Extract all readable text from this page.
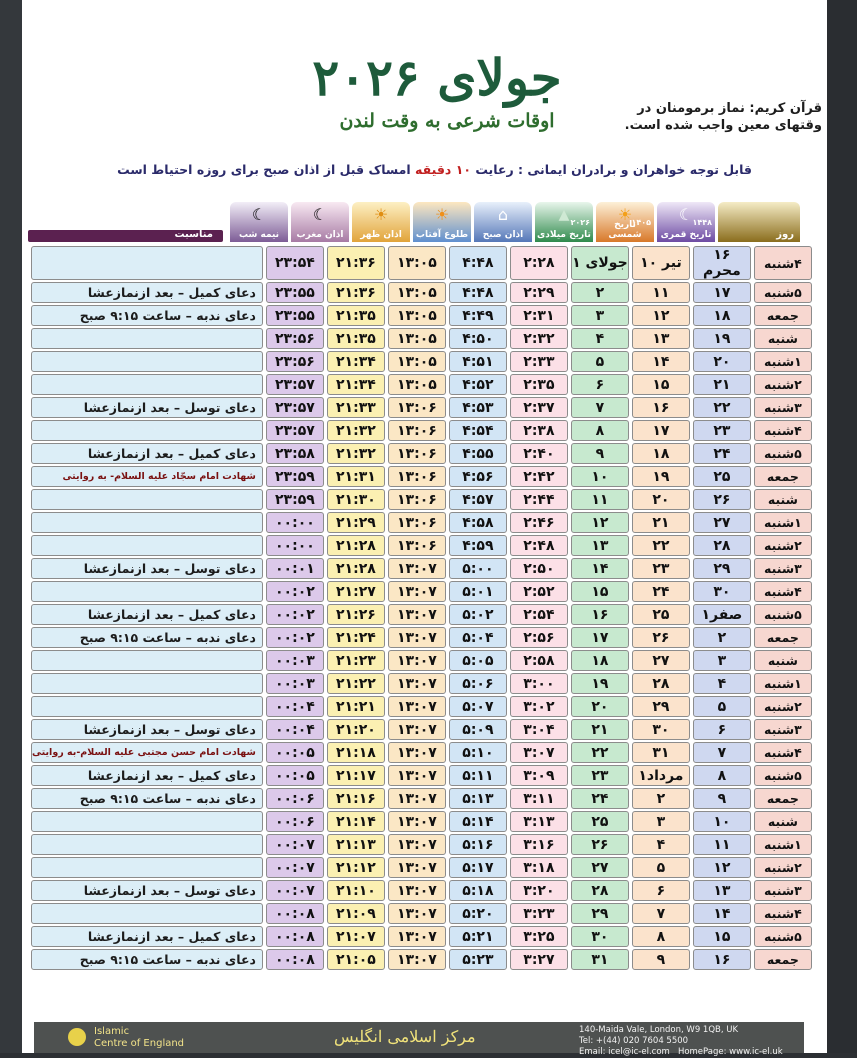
جولای ۲۰۲۶
اوقات شرعی به وقت لندن
قرآن کریم: نماز برمومنان در
وقتهای معین واجب شده است.
قابل توجه خواهران و برادران ایمانی : رعایت ۱۰ دقیقه امساک قبل از اذان صبح برای روزه احتیاط است
مناسبت
☾
نیمه شب
☾
اذان مغرب
☀
اذان ظهر
☀
طلوع آفتاب
⌂
اذان صبح
▲ ۲۰۲۶
تاریخ میلادی
☀ ۱۴۰۵
تاریخ شمسی
☾ ۱۴۴۸
تاریخ قمری	روز
	۲۳:۵۴	۲۱:۳۶	۱۳:۰۵	۴:۴۸	۲:۲۸	۱ جولای	۱۰ تیر	۱۶ محرم	۴شنبه
دعای کمیل – بعد ازنمازعشا	۲۳:۵۵	۲۱:۳۶	۱۳:۰۵	۴:۴۸	۲:۲۹	۲	۱۱	۱۷	۵شنبه
دعای ندبه – ساعت ۹:۱۵ صبح	۲۳:۵۵	۲۱:۳۵	۱۳:۰۵	۴:۴۹	۲:۳۱	۳	۱۲	۱۸	جمعه
	۲۳:۵۶	۲۱:۳۵	۱۳:۰۵	۴:۵۰	۲:۳۲	۴	۱۳	۱۹	شنبه
	۲۳:۵۶	۲۱:۳۴	۱۳:۰۵	۴:۵۱	۲:۳۳	۵	۱۴	۲۰	۱شنبه
	۲۳:۵۷	۲۱:۳۴	۱۳:۰۵	۴:۵۲	۲:۳۵	۶	۱۵	۲۱	۲شنبه
دعای توسل – بعد ازنمازعشا	۲۳:۵۷	۲۱:۳۳	۱۳:۰۶	۴:۵۳	۲:۳۷	۷	۱۶	۲۲	۳شنبه
	۲۳:۵۷	۲۱:۳۲	۱۳:۰۶	۴:۵۴	۲:۳۸	۸	۱۷	۲۳	۴شنبه
دعای کمیل – بعد ازنمازعشا	۲۳:۵۸	۲۱:۳۲	۱۳:۰۶	۴:۵۵	۲:۴۰	۹	۱۸	۲۴	۵شنبه
شهادت امام سجّاد علیه السلام- به روایتی	۲۳:۵۹	۲۱:۳۱	۱۳:۰۶	۴:۵۶	۲:۴۲	۱۰	۱۹	۲۵	جمعه
	۲۳:۵۹	۲۱:۳۰	۱۳:۰۶	۴:۵۷	۲:۴۴	۱۱	۲۰	۲۶	شنبه
	۰۰:۰۰	۲۱:۲۹	۱۳:۰۶	۴:۵۸	۲:۴۶	۱۲	۲۱	۲۷	۱شنبه
	۰۰:۰۰	۲۱:۲۸	۱۳:۰۶	۴:۵۹	۲:۴۸	۱۳	۲۲	۲۸	۲شنبه
دعای توسل – بعد ازنمازعشا	۰۰:۰۱	۲۱:۲۸	۱۳:۰۷	۵:۰۰	۲:۵۰	۱۴	۲۳	۲۹	۳شنبه
	۰۰:۰۲	۲۱:۲۷	۱۳:۰۷	۵:۰۱	۲:۵۲	۱۵	۲۴	۳۰	۴شنبه
دعای کمیل – بعد ازنمازعشا	۰۰:۰۲	۲۱:۲۶	۱۳:۰۷	۵:۰۲	۲:۵۴	۱۶	۲۵	۱صفر	۵شنبه
دعای ندبه – ساعت ۹:۱۵ صبح	۰۰:۰۲	۲۱:۲۴	۱۳:۰۷	۵:۰۴	۲:۵۶	۱۷	۲۶	۲	جمعه
	۰۰:۰۳	۲۱:۲۳	۱۳:۰۷	۵:۰۵	۲:۵۸	۱۸	۲۷	۳	شنبه
	۰۰:۰۳	۲۱:۲۲	۱۳:۰۷	۵:۰۶	۳:۰۰	۱۹	۲۸	۴	۱شنبه
	۰۰:۰۴	۲۱:۲۱	۱۳:۰۷	۵:۰۷	۳:۰۲	۲۰	۲۹	۵	۲شنبه
دعای توسل – بعد ازنمازعشا	۰۰:۰۴	۲۱:۲۰	۱۳:۰۷	۵:۰۹	۳:۰۴	۲۱	۳۰	۶	۳شنبه
شهادت امام حسن مجتبی علیه السلام-به روایتی	۰۰:۰۵	۲۱:۱۸	۱۳:۰۷	۵:۱۰	۳:۰۷	۲۲	۳۱	۷	۴شنبه
دعای کمیل – بعد ازنمازعشا	۰۰:۰۵	۲۱:۱۷	۱۳:۰۷	۵:۱۱	۳:۰۹	۲۳	۱مرداد	۸	۵شنبه
دعای ندبه – ساعت ۹:۱۵ صبح	۰۰:۰۶	۲۱:۱۶	۱۳:۰۷	۵:۱۳	۳:۱۱	۲۴	۲	۹	جمعه
	۰۰:۰۶	۲۱:۱۴	۱۳:۰۷	۵:۱۴	۳:۱۳	۲۵	۳	۱۰	شنبه
	۰۰:۰۷	۲۱:۱۳	۱۳:۰۷	۵:۱۶	۳:۱۶	۲۶	۴	۱۱	۱شنبه
	۰۰:۰۷	۲۱:۱۲	۱۳:۰۷	۵:۱۷	۳:۱۸	۲۷	۵	۱۲	۲شنبه
دعای توسل – بعد ازنمازعشا	۰۰:۰۷	۲۱:۱۰	۱۳:۰۷	۵:۱۸	۳:۲۰	۲۸	۶	۱۳	۳شنبه
	۰۰:۰۸	۲۱:۰۹	۱۳:۰۷	۵:۲۰	۳:۲۳	۲۹	۷	۱۴	۴شنبه
دعای کمیل – بعد ازنمازعشا	۰۰:۰۸	۲۱:۰۷	۱۳:۰۷	۵:۲۱	۳:۲۵	۳۰	۸	۱۵	۵شنبه
دعای ندبه – ساعت ۹:۱۵ صبح	۰۰:۰۸	۲۱:۰۵	۱۳:۰۷	۵:۲۳	۳:۲۷	۳۱	۹	۱۶	جمعه
Islamic
Centre of England	مرکز اسلامی انگلیس	140-Maida Vale, London, W9 1QB, UK
Tel: +(44) 020 7604 5500
Email: icel@ic-el.com HomePage: www.ic-el.uk
